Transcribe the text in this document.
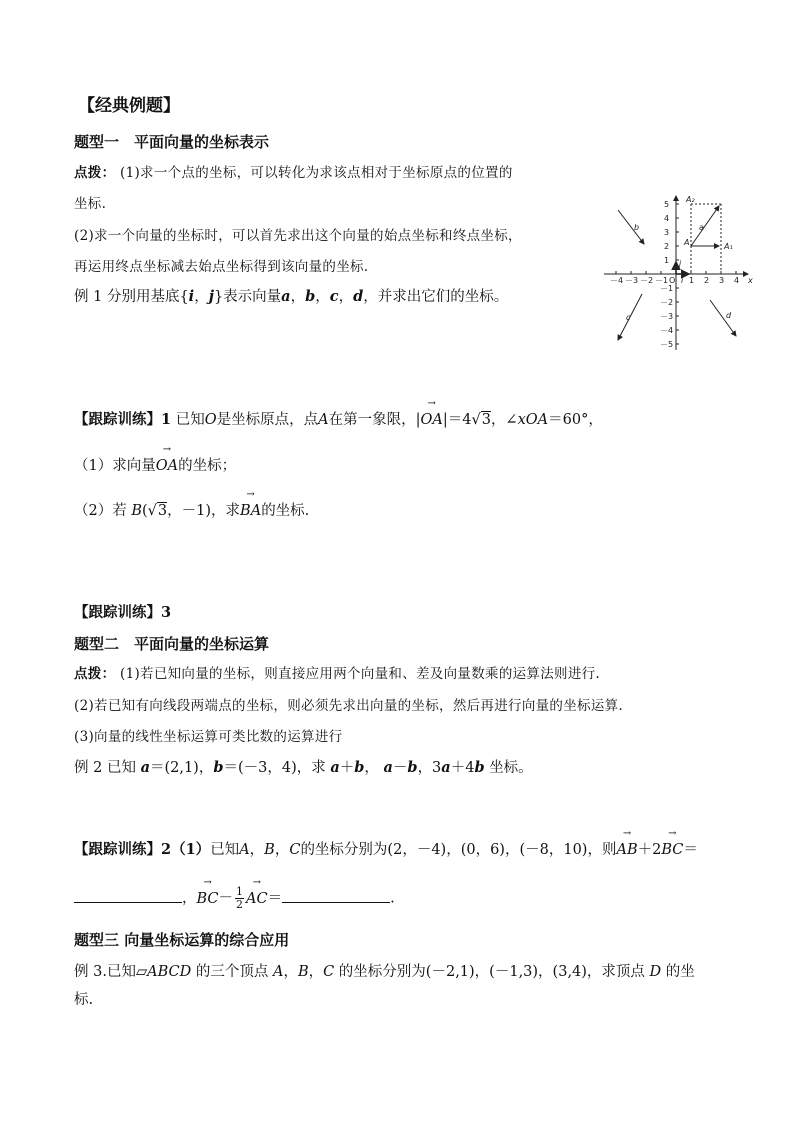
【经典例题】
题型一　平面向量的坐标表示
点拨： (1)求一个点的坐标，可以转化为求该点相对于坐标原点的位置的
坐标.
(2)求一个向量的坐标时，可以首先求出这个向量的始点坐标和终点坐标，
再运用终点坐标减去始点坐标得到该向量的坐标.
例 1 分别用基底{i，j}表示向量a，b，c，d，并求出它们的坐标。
－4 －3 －2 －1 O 1 2 3 4 x
5
4
3
2
1
－1
－2
－3
－4
－5
j
i
a
b
c	d
A	A₁
A₂
【跟踪训练】1 已知O是坐标原点，点A在第一象限，|→ OA|＝4√3，∠xOA＝60°，
（1）求向量→ OA的坐标；
（2）若 B(√3，－1)，求→ BA的坐标.
【跟踪训练】3
题型二　平面向量的坐标运算
点拨： (1)若已知向量的坐标，则直接应用两个向量和、差及向量数乘的运算法则进行.
(2)若已知有向线段两端点的坐标，则必须先求出向量的坐标，然后再进行向量的坐标运算.
(3)向量的线性坐标运算可类比数的运算进行
例 2 已知 a＝(2,1)，b＝(－3，4)，求 a＋b， a－b，3a＋4b 坐标。
【跟踪训练】2（1）已知A，B，C的坐标分别为(2，－4)，(0，6)，(－8，10)，则→ AB＋2→ BC＝
，→ $BC- \frac{1}{2}$
→ AC＝	.
题型三 向量坐标运算的综合应用
例 3.已知▱ABCD 的三个顶点 A，B，C 的坐标分别为(－2,1)，(－1,3)，(3,4)，求顶点 D 的坐
标.
